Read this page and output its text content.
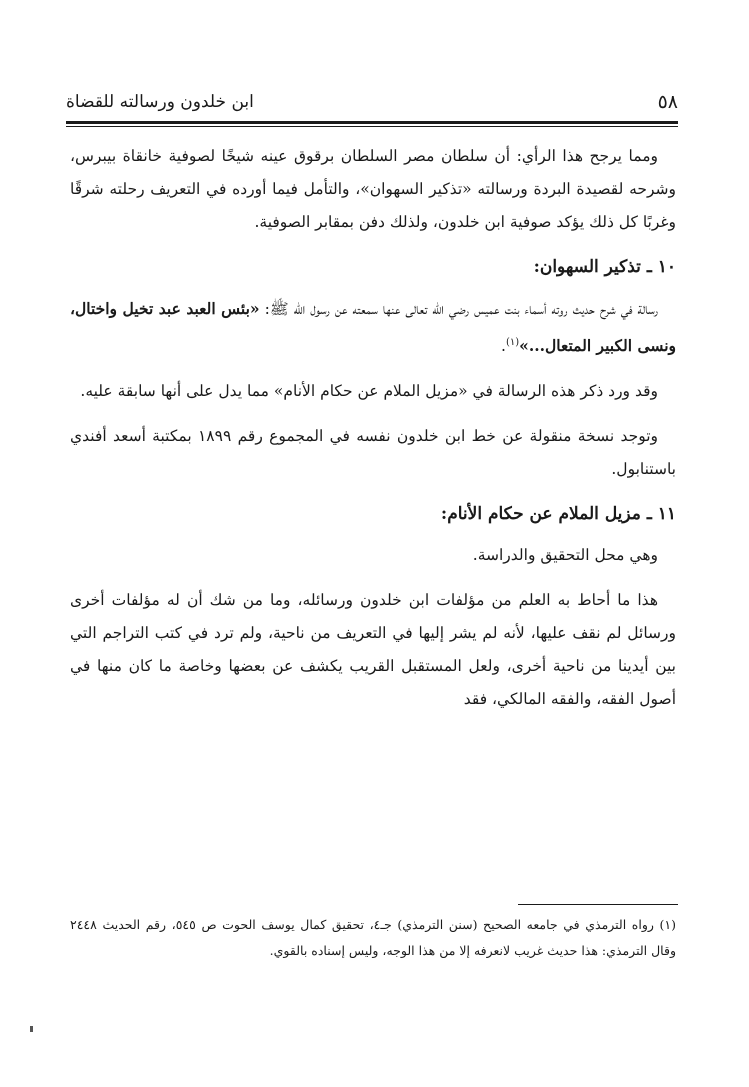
ابن خلدون ورسالته للقضاة	٥٨

ومما يرجح هذا الرأي: أن سلطان مصر السلطان برقوق عينه شيخًا لصوفية خانقاة بيبرس، وشرحه لقصيدة البردة ورسالته «تذكير السهوان»، والتأمل فيما أورده في التعريف رحلته شرقًا وغربًا كل ذلك يؤكد صوفية ابن خلدون، ولذلك دفن بمقابر الصوفية.

١٠ ـ تذكير السهوان:

رسالة في شرح حديث روته أسماء بنت عميس رضي الله تعالى عنها سمعته عن رسول الله ﷺ: «بئس العبد عبد تخيل واختال، ونسى الكبير المتعال...»$^{(١)}$.

وقد ورد ذكر هذه الرسالة في «مزيل الملام عن حكام الأنام» مما يدل على أنها سابقة عليه.

وتوجد نسخة منقولة عن خط ابن خلدون نفسه في المجموع رقم ١٨٩٩ بمكتبة أسعد أفندي باستنابول.

١١ ـ مزيل الملام عن حكام الأنام:

وهي محل التحقيق والدراسة.

هذا ما أحاط به العلم من مؤلفات ابن خلدون ورسائله، وما من شك أن له مؤلفات أخرى ورسائل لم نقف عليها، لأنه لم يشر إليها في التعريف من ناحية، ولم ترد في كتب التراجم التي بين أيدينا من ناحية أخرى، ولعل المستقبل القريب يكشف عن بعضها وخاصة ما كان منها في أصول الفقه، والفقه المالكي، فقد

(١) رواه الترمذي في جامعه الصحيح (سنن الترمذي) جـ٤، تحقيق كمال يوسف الحوت ص ٥٤٥، رقم الحديث ٢٤٤٨ وقال الترمذي: هذا حديث غريب لانعرفه إلا من هذا الوجه، وليس إسناده بالقوي.
